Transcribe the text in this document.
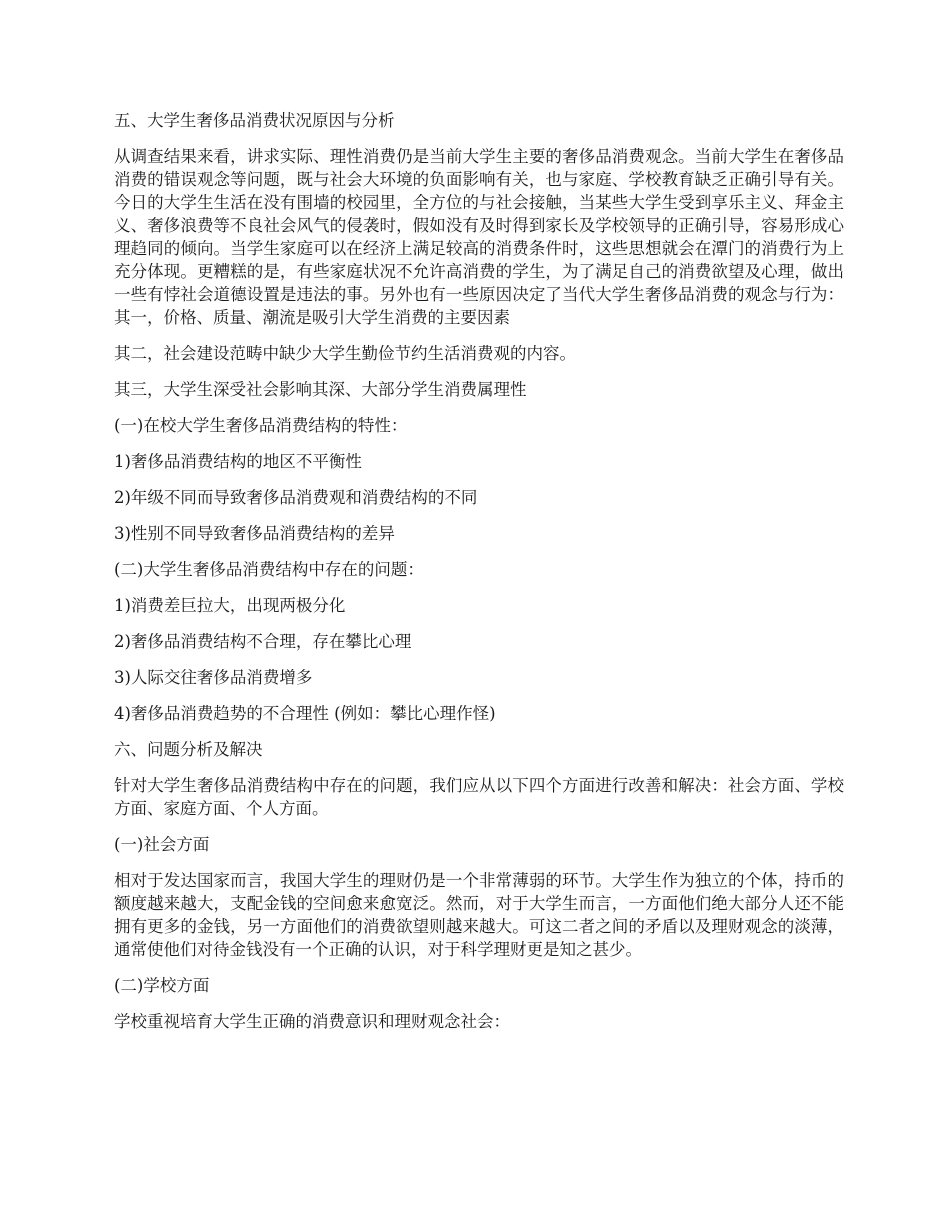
五、大学生奢侈品消费状况原因与分析

从调查结果来看，讲求实际、理性消费仍是当前大学生主要的奢侈品消费观念。当前大学生在奢侈品消费的错误观念等问题，既与社会大环境的负面影响有关，也与家庭、学校教育缺乏正确引导有关。今日的大学生生活在没有围墙的校园里，全方位的与社会接触，当某些大学生受到享乐主义、拜金主义、奢侈浪费等不良社会风气的侵袭时，假如没有及时得到家长及学校领导的正确引导，容易形成心理趋同的倾向。当学生家庭可以在经济上满足较高的消费条件时，这些思想就会在潭门的消费行为上充分体现。更糟糕的是，有些家庭状况不允许高消费的学生，为了满足自己的消费欲望及心理，做出一些有悖社会道德设置是违法的事。另外也有一些原因决定了当代大学生奢侈品消费的观念与行为： 其一，价格、质量、潮流是吸引大学生消费的主要因素

其二，社会建设范畴中缺少大学生勤俭节约生活消费观的内容。

其三，大学生深受社会影响其深、大部分学生消费属理性

(一)在校大学生奢侈品消费结构的特性：

1)奢侈品消费结构的地区不平衡性

2)年级不同而导致奢侈品消费观和消费结构的不同

3)性别不同导致奢侈品消费结构的差异

(二)大学生奢侈品消费结构中存在的问题：

1)消费差巨拉大，出现两极分化

2)奢侈品消费结构不合理，存在攀比心理

3)人际交往奢侈品消费增多

4)奢侈品消费趋势的不合理性 (例如：攀比心理作怪)

六、问题分析及解决

针对大学生奢侈品消费结构中存在的问题，我们应从以下四个方面进行改善和解决：社会方面、学校方面、家庭方面、个人方面。

(一)社会方面

相对于发达国家而言，我国大学生的理财仍是一个非常薄弱的环节。大学生作为独立的个体，持币的额度越来越大，支配金钱的空间愈来愈宽泛。然而，对于大学生而言，一方面他们绝大部分人还不能拥有更多的金钱，另一方面他们的消费欲望则越来越大。可这二者之间的矛盾以及理财观念的淡薄，通常使他们对待金钱没有一个正确的认识，对于科学理财更是知之甚少。

(二)学校方面

学校重视培育大学生正确的消费意识和理财观念社会：
